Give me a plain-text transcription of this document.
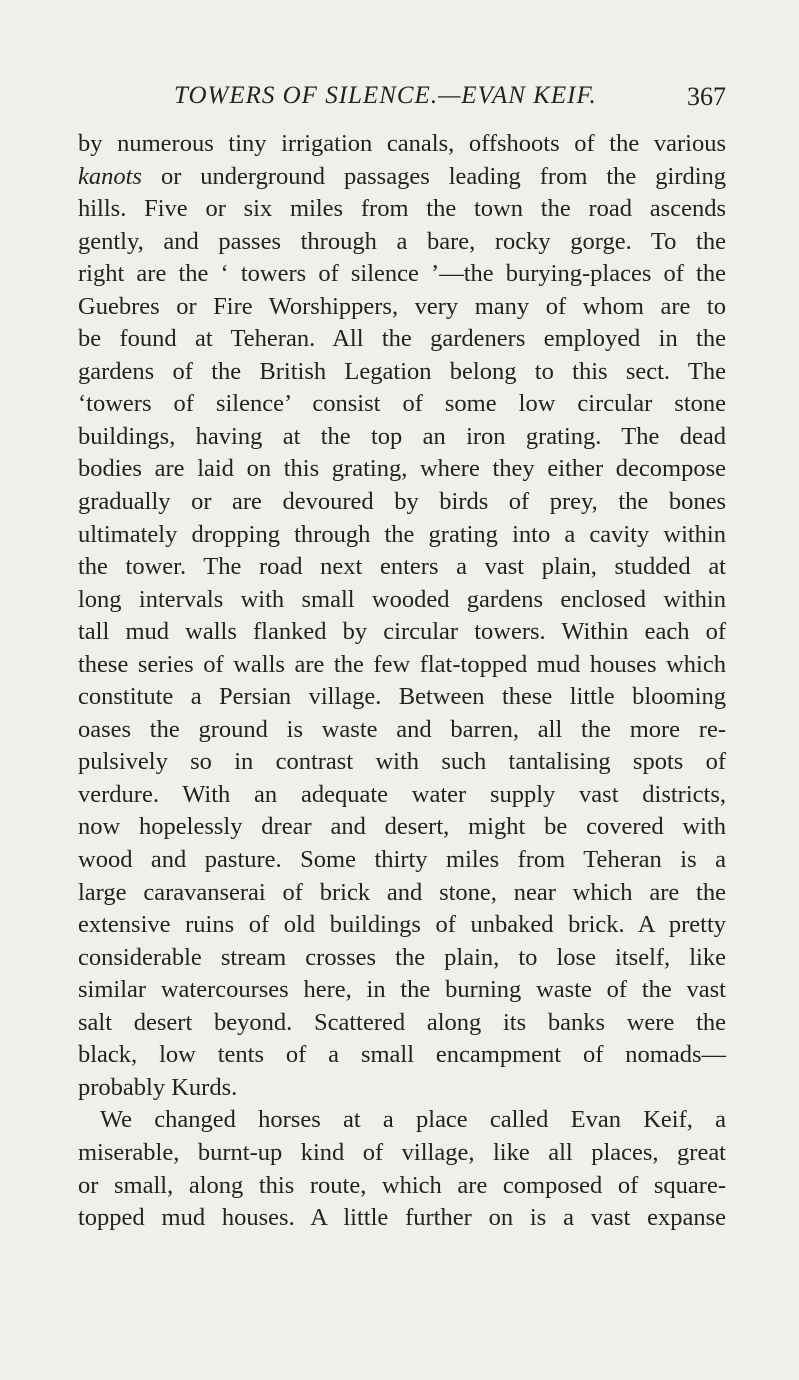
TOWERS OF SILENCE.—EVAN KEIF.	367
by numerous tiny irrigation canals, offshoots of the various
kanots or underground passages leading from the girding
hills. Five or six miles from the town the road ascends
gently, and passes through a bare, rocky gorge. To the
right are the ‘ towers of silence ’—the burying-places of the
Guebres or Fire Worshippers, very many of whom are to
be found at Teheran. All the gardeners employed in the
gardens of the British Legation belong to this sect. The
‘towers of silence’ consist of some low circular stone
buildings, having at the top an iron grating. The dead
bodies are laid on this grating, where they either decompose
gradually or are devoured by birds of prey, the bones
ultimately dropping through the grating into a cavity within
the tower. The road next enters a vast plain, studded at
long intervals with small wooded gardens enclosed within
tall mud walls flanked by circular towers. Within each of
these series of walls are the few flat-topped mud houses which
constitute a Persian village. Between these little blooming
oases the ground is waste and barren, all the more re-
pulsively so in contrast with such tantalising spots of
verdure. With an adequate water supply vast districts,
now hopelessly drear and desert, might be covered with
wood and pasture. Some thirty miles from Teheran is a
large caravanserai of brick and stone, near which are the
extensive ruins of old buildings of unbaked brick. A pretty
considerable stream crosses the plain, to lose itself, like
similar watercourses here, in the burning waste of the vast
salt desert beyond. Scattered along its banks were the
black, low tents of a small encampment of nomads—
probably Kurds.
We changed horses at a place called Evan Keif, a
miserable, burnt-up kind of village, like all places, great
or small, along this route, which are composed of square-
topped mud houses. A little further on is a vast expanse
